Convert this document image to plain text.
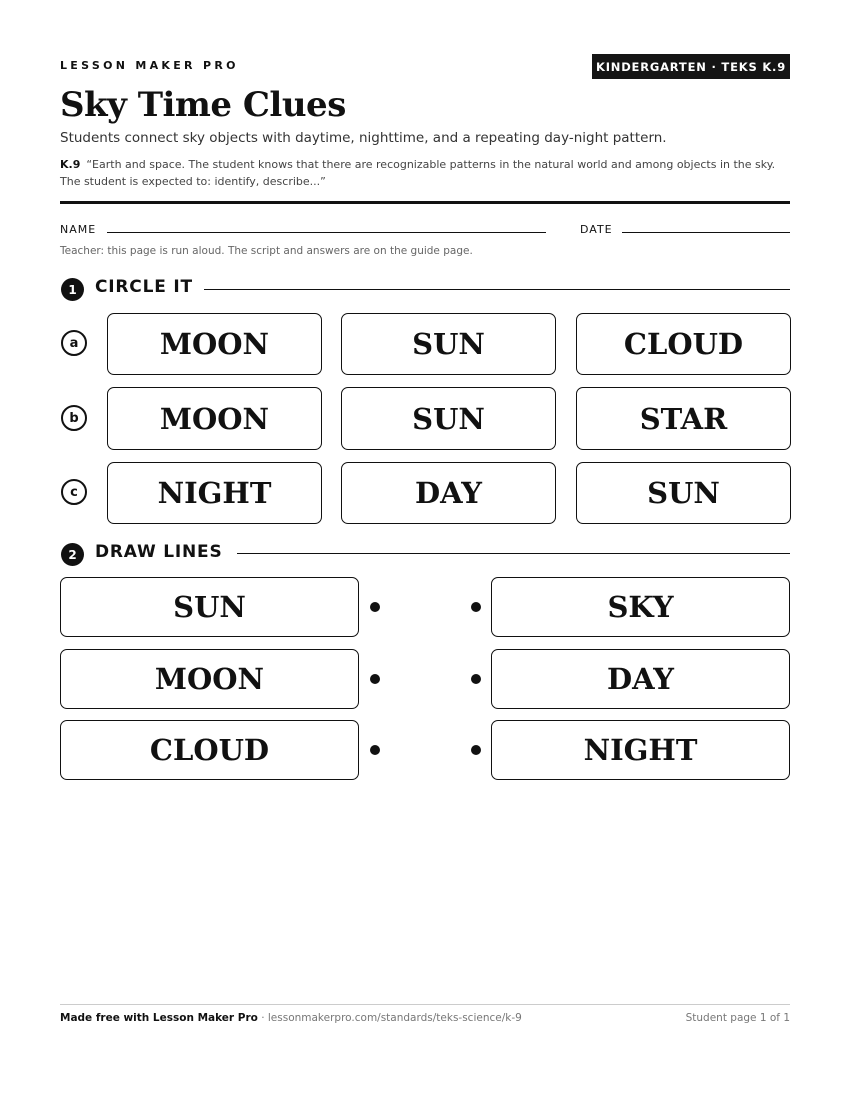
LESSON MAKER PRO	KINDERGARTEN · TEKS K.9
Sky Time Clues

Students connect sky objects with daytime, nighttime, and a repeating day-night pattern.

K.9 “Earth and space. The student knows that there are recognizable patterns in the natural world and among objects in the sky. The student is expected to: identify, describe...”

NAME	DATE
Teacher: this page is run aloud. The script and answers are on the guide page.
1	CIRCLE IT
a	MOON	SUN	CLOUD
b	MOON	SUN	STAR
c	NIGHT	DAY	SUN
2	DRAW LINES
SUN	SKY
MOON	DAY
CLOUD	NIGHT
Made free with Lesson Maker Pro · lessonmakerpro.com/standards/teks-science/k-9	Student page 1 of 1
